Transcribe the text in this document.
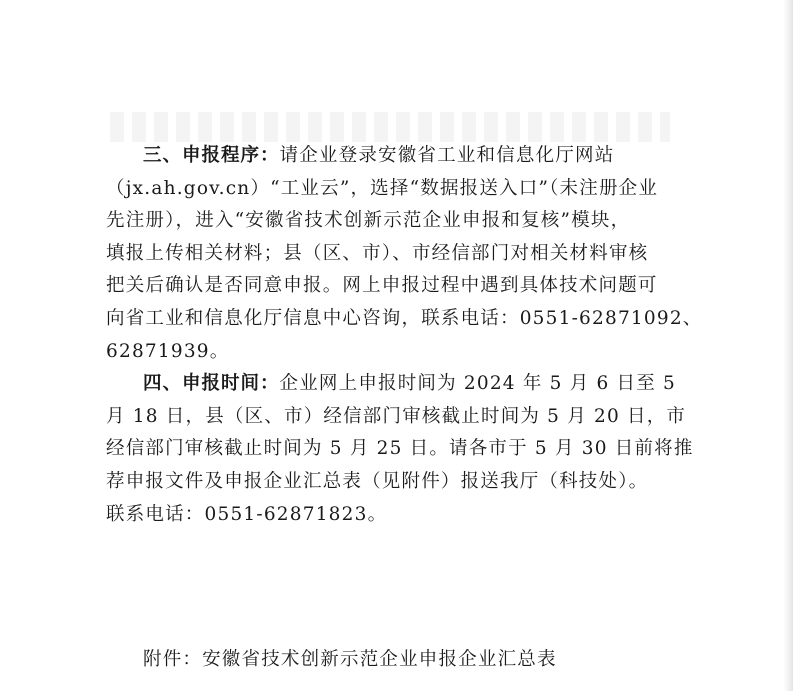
三、申报程序：请企业登录安徽省工业和信息化厅网站
（jx.ah.gov.cn）“工业云”，选择“数据报送入口”（未注册企业
先注册），进入“安徽省技术创新示范企业申报和复核”模块，
填报上传相关材料；县（区、市）、市经信部门对相关材料审核
把关后确认是否同意申报。网上申报过程中遇到具体技术问题可
向省工业和信息化厅信息中心咨询，联系电话：0551-62871092、
62871939。
四、申报时间：企业网上申报时间为 2024 年 5 月 6 日至 5
月 18 日，县（区、市）经信部门审核截止时间为 5 月 20 日，市
经信部门审核截止时间为 5 月 25 日。请各市于 5 月 30 日前将推
荐申报文件及申报企业汇总表（见附件）报送我厅（科技处）。
联系电话：0551-62871823。
附件：安徽省技术创新示范企业申报企业汇总表
